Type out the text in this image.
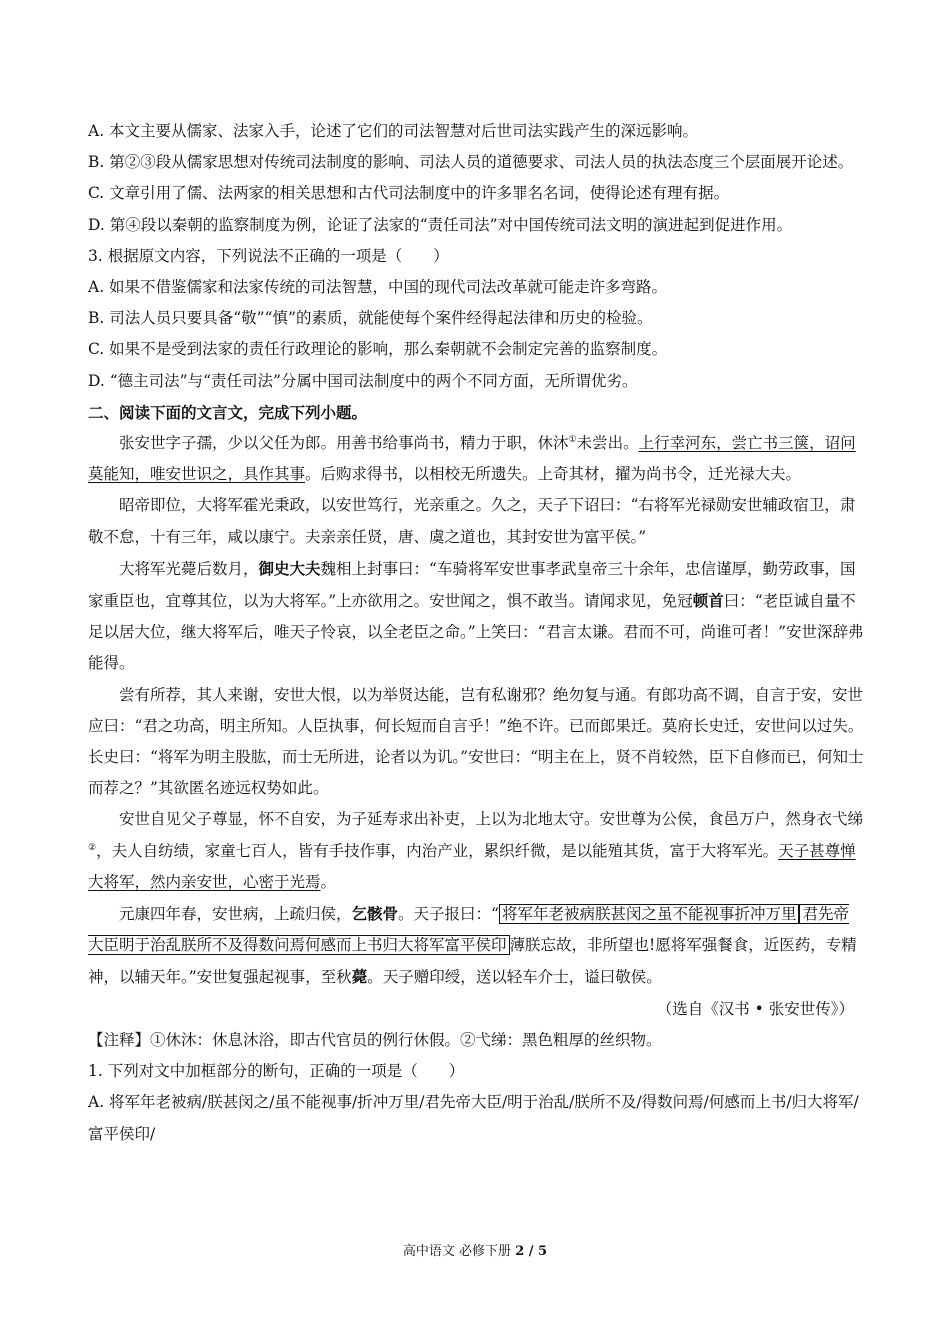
A. 本文主要从儒家、法家入手，论述了它们的司法智慧对后世司法实践产生的深远影响。

B. 第②③段从儒家思想对传统司法制度的影响、司法人员的道德要求、司法人员的执法态度三个层面展开论述。

C. 文章引用了儒、法两家的相关思想和古代司法制度中的许多罪名名词，使得论述有理有据。

D. 第④段以秦朝的监察制度为例，论证了法家的“责任司法”对中国传统司法文明的演进起到促进作用。

3. 根据原文内容，下列说法不正确的一项是（　　）

A. 如果不借鉴儒家和法家传统的司法智慧，中国的现代司法改革就可能走许多弯路。

B. 司法人员只要具备“敬”“慎”的素质，就能使每个案件经得起法律和历史的检验。

C. 如果不是受到法家的责任行政理论的影响，那么秦朝就不会制定完善的监察制度。

D. “德主司法”与“责任司法”分属中国司法制度中的两个不同方面，无所谓优劣。

二、阅读下面的文言文，完成下列小题。

张安世字子孺，少以父任为郎。用善书给事尚书，精力于职，休沐①未尝出。上行幸河东，尝亡书三箧，诏问莫能知，唯安世识之，具作其事。后购求得书，以相校无所遗失。上奇其材，擢为尚书令，迁光禄大夫。

昭帝即位，大将军霍光秉政，以安世笃行，光亲重之。久之，天子下诏曰：“右将军光禄勋安世辅政宿卫，肃敬不怠，十有三年，咸以康宁。夫亲亲任贤，唐、虞之道也，其封安世为富平侯。”

大将军光薨后数月，御史大夫魏相上封事曰：“车骑将军安世事孝武皇帝三十余年，忠信谨厚，勤劳政事，国家重臣也，宜尊其位，以为大将军。”上亦欲用之。安世闻之，惧不敢当。请闻求见，免冠顿首曰：“老臣诚自量不足以居大位，继大将军后，唯天子怜哀，以全老臣之命。”上笑曰：“君言太谦。君而不可，尚谁可者！”安世深辞弗能得。

尝有所荐，其人来谢，安世大恨，以为举贤达能，岂有私谢邪？绝勿复与通。有郎功高不调，自言于安，安世应曰：“君之功高，明主所知。人臣执事，何长短而自言乎！”绝不许。已而郎果迁。莫府长史迁，安世问以过失。长史曰：“将军为明主股肱，而士无所进，论者以为讥。”安世曰：“明主在上，贤不肖较然，臣下自修而已，何知士而荐之？”其欲匿名迹远权势如此。

安世自见父子尊显，怀不自安，为子延寿求出补吏，上以为北地太守。安世尊为公侯，食邑万户，然身衣弋绨②，夫人自纺绩，家童七百人，皆有手技作事，内治产业，累织纤微，是以能殖其货，富于大将军光。天子甚尊惮大将军，然内亲安世，心密于光焉。

元康四年春，安世病，上疏归侯，乞骸骨。天子报曰：“ 将军年老被病朕甚闵之虽不能视事折冲万里 君先帝大臣明于治乱朕所不及得数问焉何感而上书归大将军富平侯印 薄朕忘故，非所望也!愿将军强餐食，近医药，专精神，以辅天年。”安世复强起视事，至秋薨。天子赠印绶，送以轻车介士，谥曰敬侯。

（选自《汉书 • 张安世传》）

【注释】①休沐：休息沐浴，即古代官员的例行休假。②弋绨：黑色粗厚的丝织物。

1. 下列对文中加框部分的断句，正确的一项是（　　）

A. 将军年老被病/朕甚闵之/虽不能视事/折冲万里/君先帝大臣/明于治乱/朕所不及/得数问焉/何感而上书/归大将军/富平侯印/

高中语文 必修下册 2 / 5
